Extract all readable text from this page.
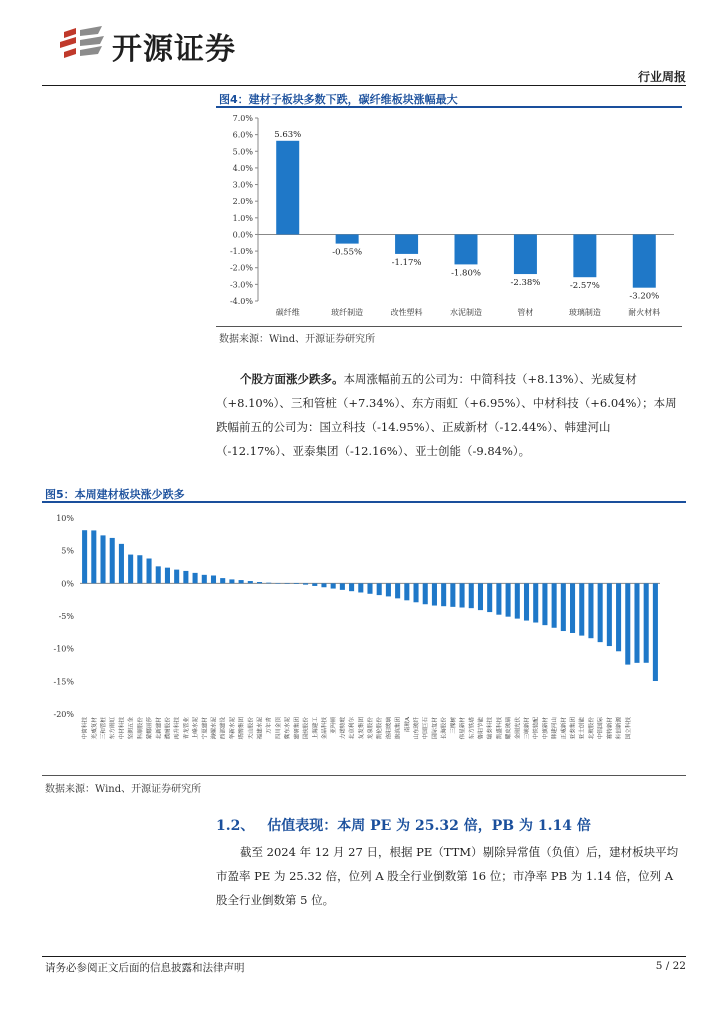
开源证券
行业周报
图4：建材子板块多数下跌，碳纤维板块涨幅最大
7.0%
6.0%
5.0%
4.0%
3.0%
2.0%
1.0%
0.0%
-1.0%
-2.0%
-3.0%
-4.0%
5.63%
碳纤维
-0.55%
玻纤制造
-1.17%
改性塑料
-1.80%
水泥制造
-2.38%
管材
-2.57%
玻璃制造
-3.20%
耐火材料
数据来源：Wind、开源证券研究所
个股方面涨少跌多。本周涨幅前五的公司为：中简科技（+8.13%）、光威复材（+8.10%）、三和管桩（+7.34%）、东方雨虹（+6.95%）、中材科技（+6.04%）；本周跌幅前五的公司为：国立科技（-14.95%）、正威新材（-12.44%）、韩建河山（-12.17%）、亚泰集团（-12.16%）、亚士创能（-9.84%）。
图5：本周建材板块涨少跌多
10%
5%
0%
-5%
-10%
-15%
-20%
中简科技 光威复材 三和管桩 东方雨虹 中材科技 坚朗五金 科顺股份 蒙娜丽莎 北新建材 濮耐股份 再升科技 青龙管业 上峰水泥 宁夏建材 海螺水泥 西部建设 华新水泥 塔牌集团 天山股份 福建水泥 万年青 四川金顶 冀东水泥 建研集团 国统股份 上海建工 金晶科技 亚玛顿 力诺特玻 北京利尔 友发集团 龙泉股份 凯伦股份 洛阳玻璃 旗滨集团 南玻A 山东玻纤 中国巨石 国际复材 长海股份 三棵树 伟星新材 东方铁塔 鲁阳节能 瑞泰科技 凯盛科技 耀皮玻璃 金刚光伏 三峡新材 中铁装配 中旗新材 韩建河山 正威新材 亚泰集团 亚士创能 北玻股份 中铝国际 赛特新材 科创新源 国立科技
数据来源：Wind、开源证券研究所
1.2、 估值表现：本周 PE 为 25.32 倍，PB 为 1.14 倍
截至 2024 年 12 月 27 日，根据 PE（TTM）剔除异常值（负值）后，建材板块平均市盈率 PE 为 25.32 倍，位列 A 股全行业倒数第 16 位；市净率 PB 为 1.14 倍，位列 A 股全行业倒数第 5 位。
请务必参阅正文后面的信息披露和法律声明	5 / 22
